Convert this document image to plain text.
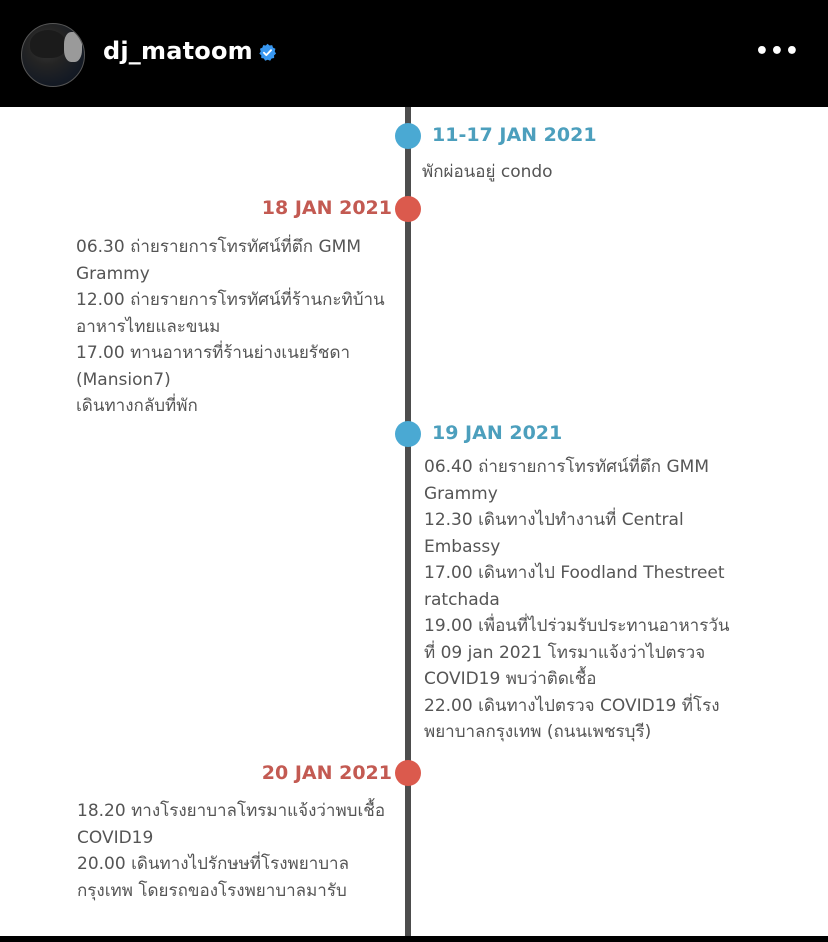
dj_matoom	•••
11-17 JAN 2021
พักผ่อนอยู่ condo
18 JAN 2021
06.30 ถ่ายรายการโทรทัศน์ที่ตึก GMM
Grammy
12.00 ถ่ายรายการโทรทัศน์ที่ร้านกะทิบ้าน
อาหารไทยและขนม
17.00 ทานอาหารที่ร้านย่างเนยรัชดา
(Mansion7)
เดินทางกลับที่พัก
19 JAN 2021
06.40 ถ่ายรายการโทรทัศน์ที่ตึก GMM
Grammy
12.30 เดินทางไปทำงานที่ Central
Embassy
17.00 เดินทางไป Foodland Thestreet
ratchada
19.00 เพื่อนที่ไปร่วมรับประทานอาหารวัน
ที่ 09 jan 2021 โทรมาแจ้งว่าไปตรวจ
COVID19 พบว่าติดเชื้อ
22.00 เดินทางไปตรวจ COVID19 ที่โรง
พยาบาลกรุงเทพ (ถนนเพชรบุรี)
20 JAN 2021
18.20 ทางโรงยาบาลโทรมาแจ้งว่าพบเชื้อ
COVID19
20.00 เดินทางไปรักษษที่โรงพยาบาล
กรุงเทพ โดยรถของโรงพยาบาลมารับ
